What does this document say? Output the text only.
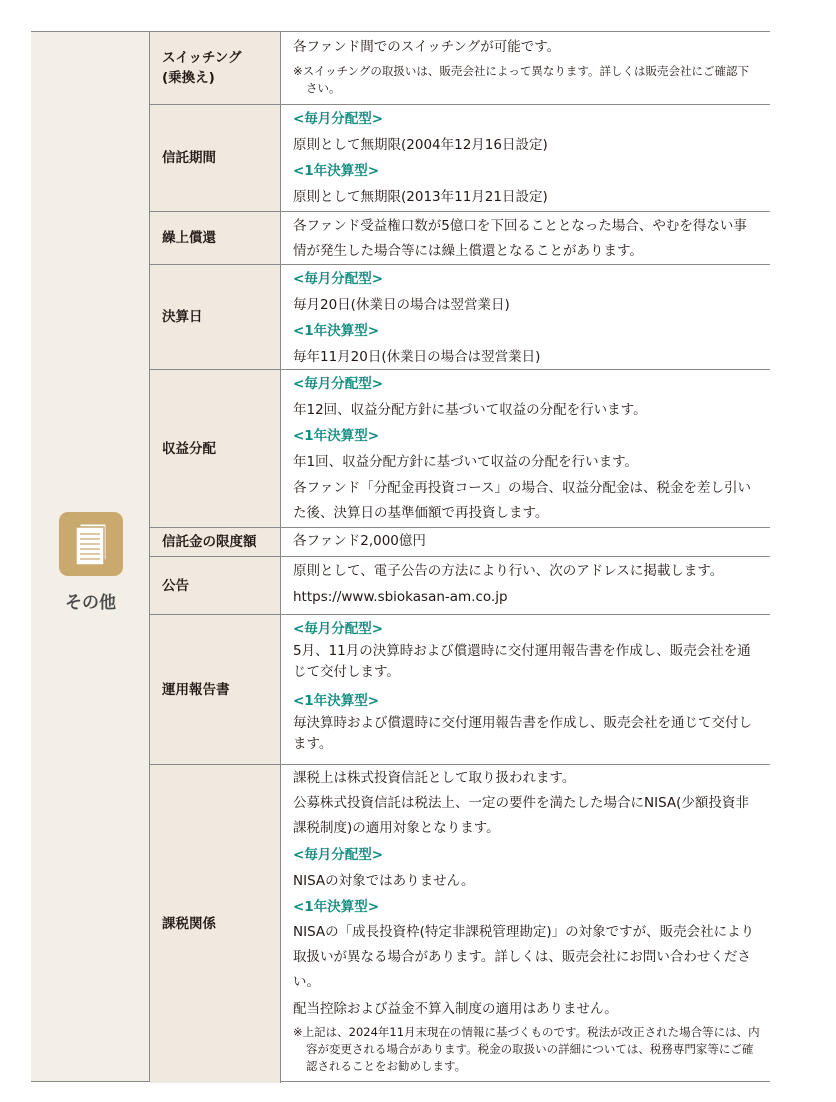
その他
スイッチング
(乗換え)

各ファンド間でのスイッチングが可能です。

※スイッチングの取扱いは、販売会社によって異なります。詳しくは販売会社にご確認下さい。

信託期間

<毎月分配型>

原則として無期限(2004年12月16日設定)

<1年決算型>

原則として無期限(2013年11月21日設定)

繰上償還

各ファンド受益権口数が5億口を下回ることとなった場合、やむを得ない事情が発生した場合等には繰上償還となることがあります。

決算日

<毎月分配型>

毎月20日(休業日の場合は翌営業日)

<1年決算型>

毎年11月20日(休業日の場合は翌営業日)

収益分配

<毎月分配型>

年12回、収益分配方針に基づいて収益の分配を行います。

<1年決算型>

年1回、収益分配方針に基づいて収益の分配を行います。

各ファンド「分配金再投資コース」の場合、収益分配金は、税金を差し引いた後、決算日の基準価額で再投資します。

信託金の限度額	各ファンド2,000億円

公告

原則として、電子公告の方法により行い、次のアドレスに掲載します。

https://www.sbiokasan-am.co.jp

運用報告書

<毎月分配型>

5月、11月の決算時および償還時に交付運用報告書を作成し、販売会社を通じて交付します。

<1年決算型>

毎決算時および償還時に交付運用報告書を作成し、販売会社を通じて交付します。

課税関係

課税上は株式投資信託として取り扱われます。

公募株式投資信託は税法上、一定の要件を満たした場合にNISA(少額投資非課税制度)の適用対象となります。

<毎月分配型>

NISAの対象ではありません。

<1年決算型>

NISAの「成長投資枠(特定非課税管理勘定)」の対象ですが、販売会社により取扱いが異なる場合があります。詳しくは、販売会社にお問い合わせください。

配当控除および益金不算入制度の適用はありません。

※上記は、2024年11月末現在の情報に基づくものです。税法が改正された場合等には、内容が変更される場合があります。税金の取扱いの詳細については、税務専門家等にご確認されることをお勧めします。
